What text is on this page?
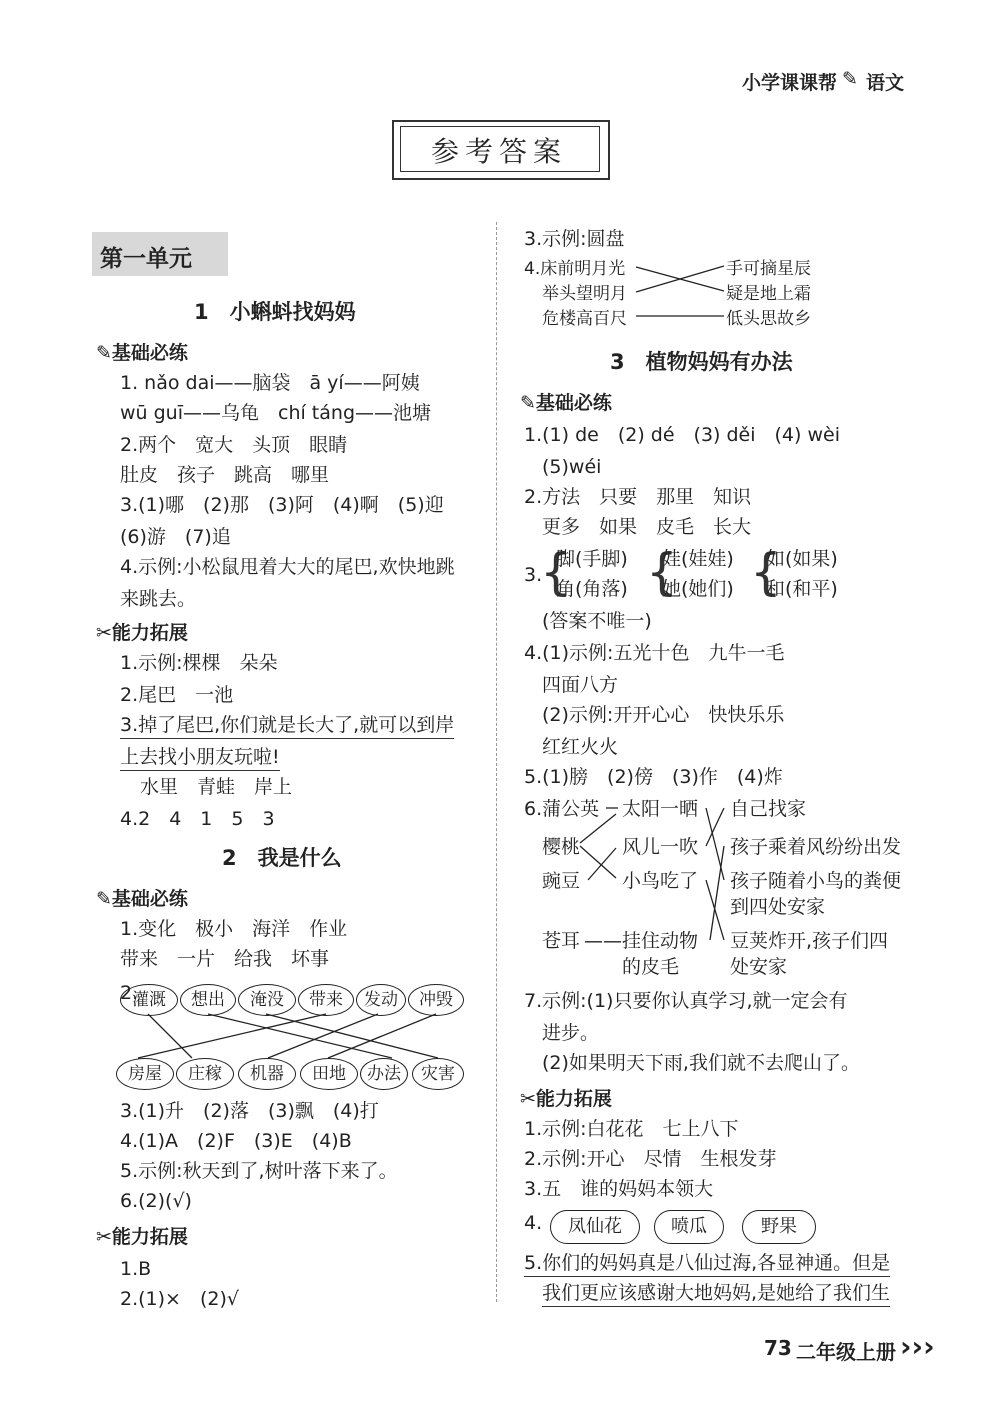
小学课课帮 ✎ 语文
参考答案
第一单元
1　小蝌蚪找妈妈
✎基础必练
1. nǎo dai——脑袋　ā yí——阿姨
wū guī——乌龟　chí táng——池塘
2.两个　宽大　头顶　眼睛
肚皮　孩子　跳高　哪里
3.(1)哪　(2)那　(3)阿　(4)啊　(5)迎
(6)游　(7)追
4.示例:小松鼠甩着大大的尾巴,欢快地跳
来跳去。
✂能力拓展
1.示例:棵棵　朵朵
2.尾巴　一池
3.掉了尾巴,你们就是长大了,就可以到岸
上去找小朋友玩啦!
水里　青蛙　岸上
4.2　4　1　5　3
2　我是什么
✎基础必练
1.变化　极小　海洋　作业
带来　一片　给我　坏事
2.
灌溉	想出	淹没	带来	发动	冲毁
房屋	庄稼	机器	田地	办法	灾害
3.(1)升　(2)落　(3)飘　(4)打
4.(1)A　(2)F　(3)E　(4)B
5.示例:秋天到了,树叶落下来了。
6.(2)(√)
✂能力拓展
1.B
2.(1)×　(2)√
3.示例:圆盘
4.床前明月光
举头望明月
危楼高百尺
手可摘星辰
疑是地上霜
低头思故乡
3　植物妈妈有办法
✎基础必练
1.(1) de　(2) dé　(3) děi　(4) wèi
(5)wéi
2.方法　只要　那里　知识
更多　如果　皮毛　长大
3.
{
脚(手脚)
角(角落) {
娃(娃娃)
她(她们) {
如(如果)
和(和平)
(答案不唯一)
4.(1)示例:五光十色　九牛一毛
四面八方
(2)示例:开开心心　快快乐乐
红红火火
5.(1)膀　(2)傍　(3)作　(4)炸
6.蒲公英
樱桃
豌豆
苍耳
太阳一晒
风儿一吹
小鸟吃了
——挂住动物
的皮毛
自己找家
孩子乘着风纷纷出发
孩子随着小鸟的粪便
到四处安家
豆荚炸开,孩子们四
处安家
7.示例:(1)只要你认真学习,就一定会有
进步。
(2)如果明天下雨,我们就不去爬山了。
✂能力拓展
1.示例:白花花　七上八下
2.示例:开心　尽情　生根发芽
3.五　谁的妈妈本领大
4.	凤仙花	喷瓜	野果
5.你们的妈妈真是八仙过海,各显神通。但是
我们更应该感谢大地妈妈,是她给了我们生
73 二年级上册 ›››
